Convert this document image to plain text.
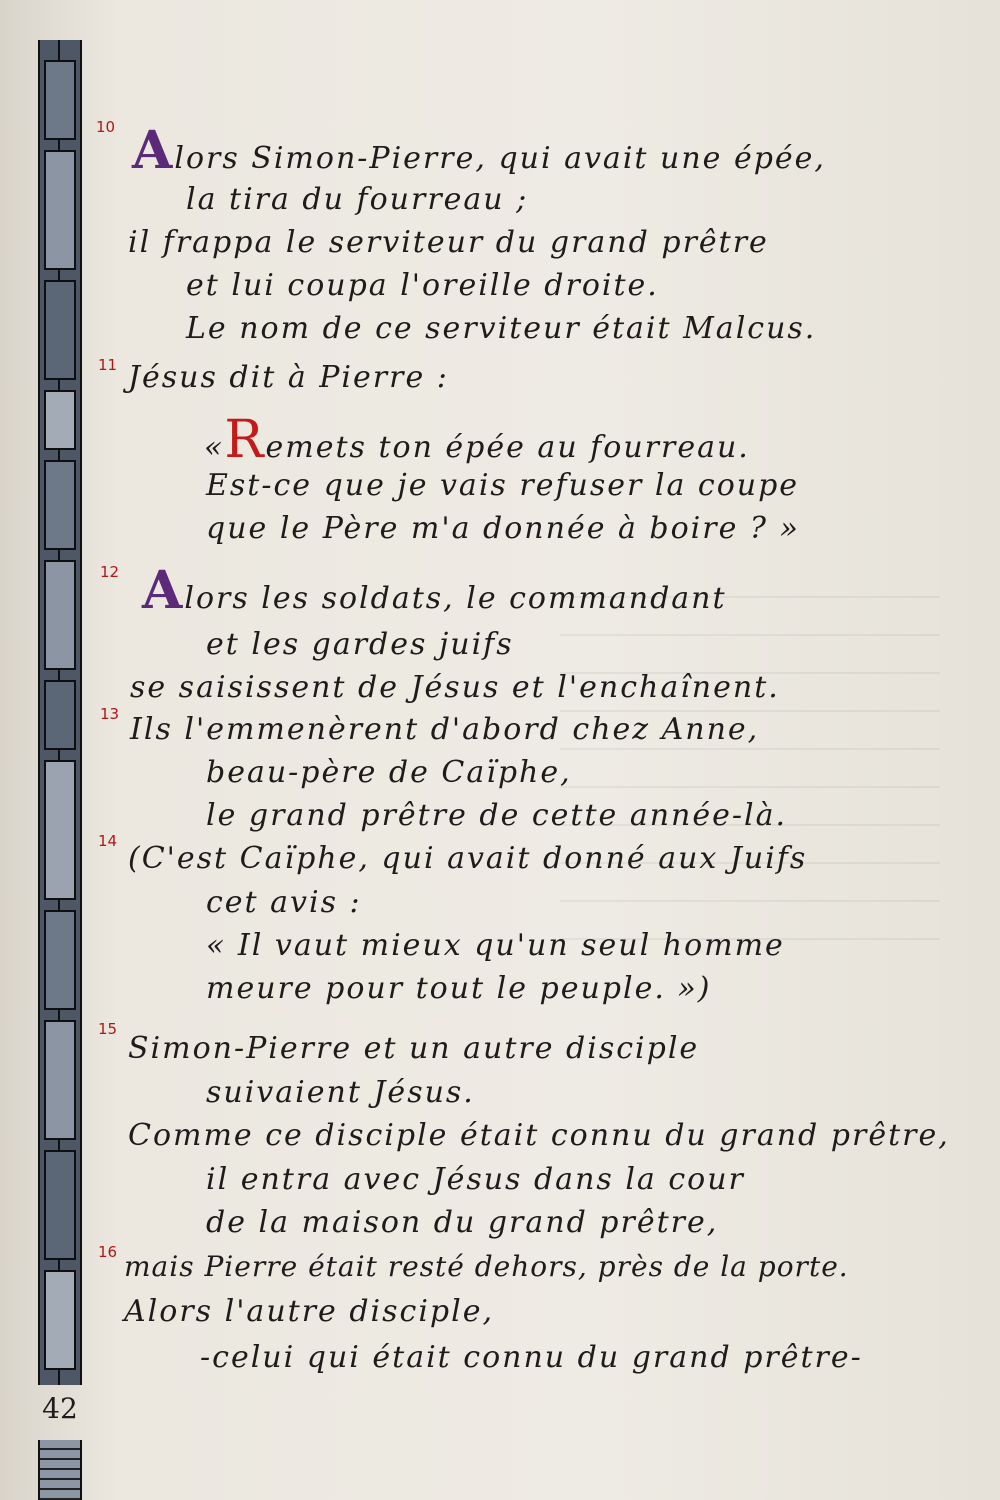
42
10 Alors Simon-Pierre, qui avait une épée,
la tira du fourreau ;
il frappa le serviteur du grand prêtre
et lui coupa l'oreille droite.
Le nom de ce serviteur était Malcus.
11 Jésus dit à Pierre :
«Remets ton épée au fourreau.
Est-ce que je vais refuser la coupe
que le Père m'a donnée à boire ? »
12 Alors les soldats, le commandant
et les gardes juifs
se saisissent de Jésus et l'enchaînent.
13 Ils l'emmenèrent d'abord chez Anne,
beau-père de Caïphe,
le grand prêtre de cette année-là.
14 (C'est Caïphe, qui avait donné aux Juifs
cet avis :
« Il vaut mieux qu'un seul homme
meure pour tout le peuple. »)
15
Simon-Pierre et un autre disciple
suivaient Jésus.
Comme ce disciple était connu du grand prêtre,
il entra avec Jésus dans la cour
de la maison du grand prêtre,
16 mais Pierre était resté dehors, près de la porte.
Alors l'autre disciple,
-celui qui était connu du grand prêtre-
